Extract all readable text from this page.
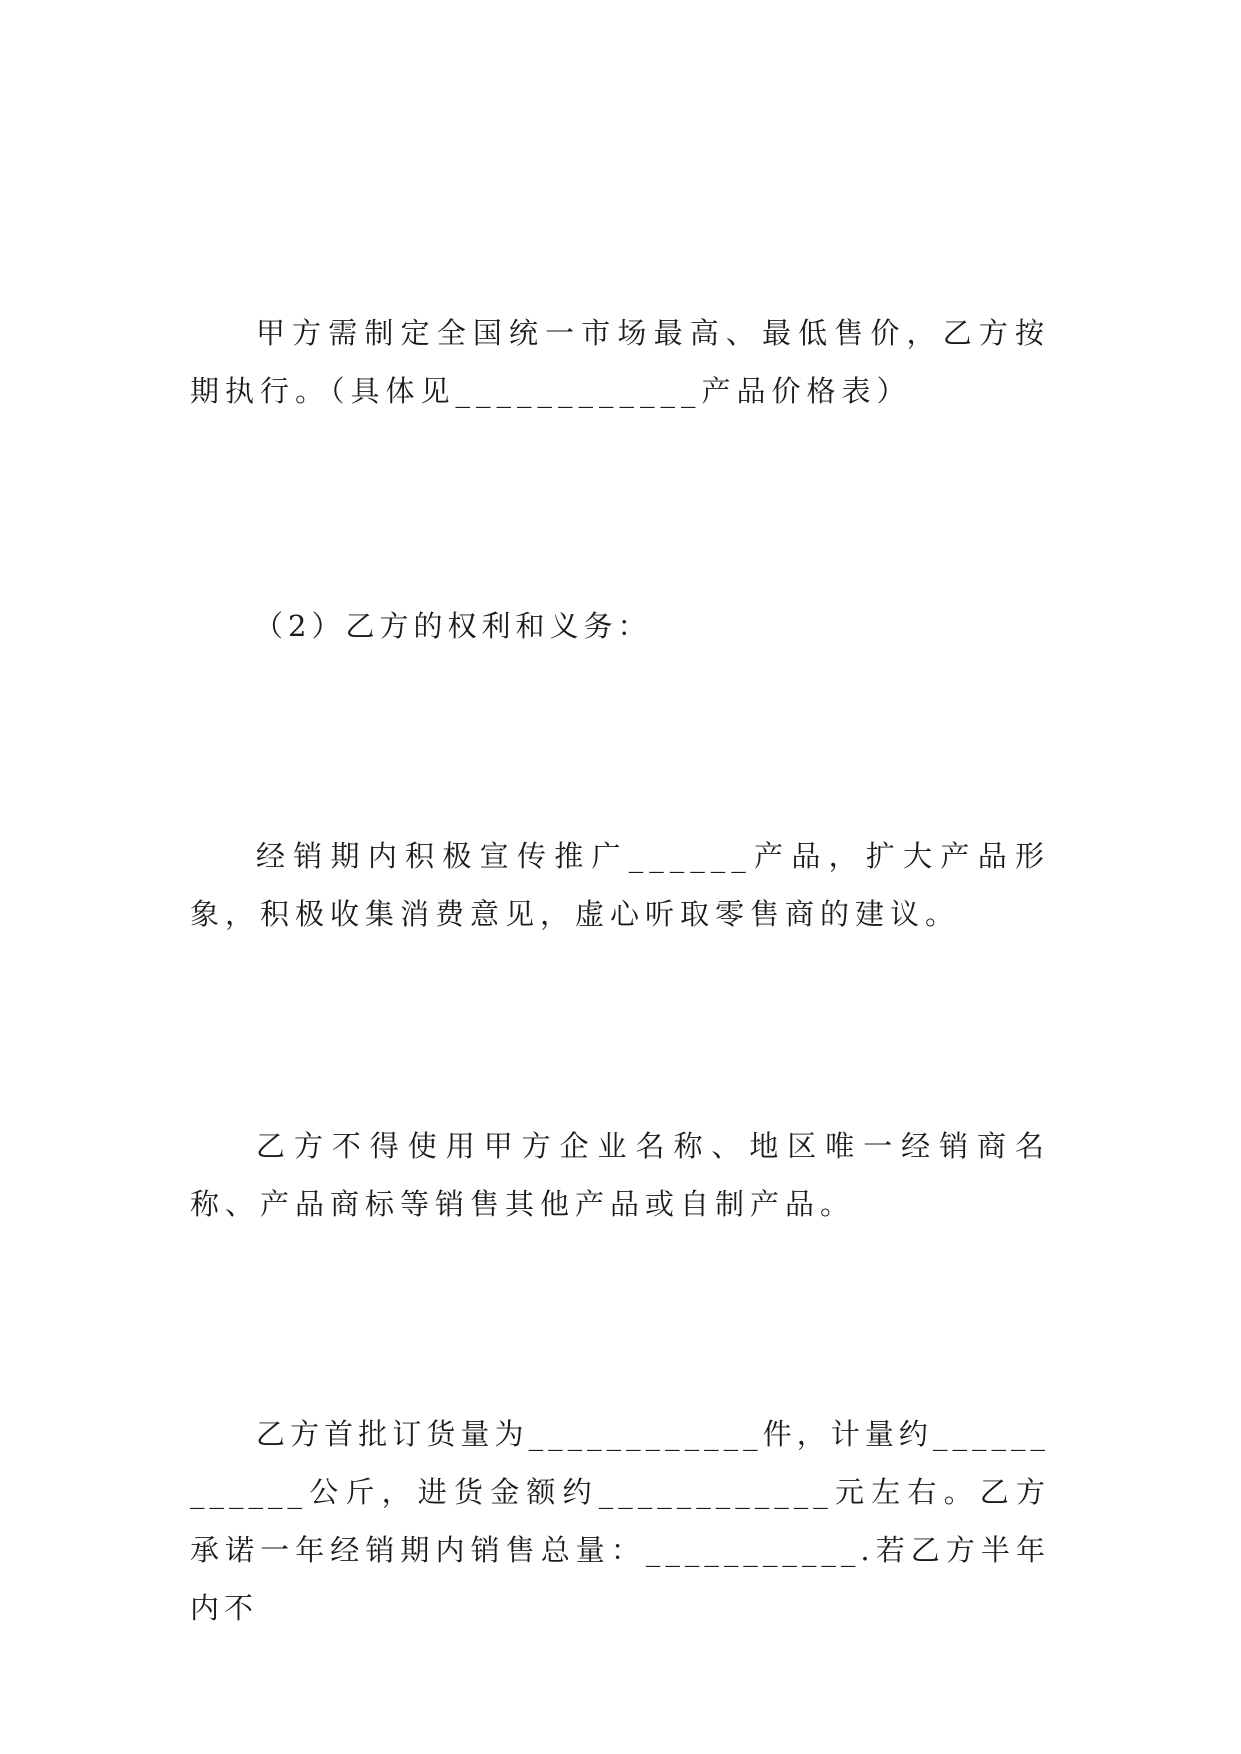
甲方需制定全国统一市场最高、最低售价，乙方按期执行。（具体见____________产品价格表）

（2）乙方的权利和义务：

经销期内积极宣传推广______产品，扩大产品形象，积极收集消费意见，虚心听取零售商的建议。

乙方不得使用甲方企业名称、地区唯一经销商名称、产品商标等销售其他产品或自制产品。

乙方首批订货量为____________件，计量约____________公斤，进货金额约____________元左右。乙方承诺一年经销期内销售总量：___________.若乙方半年内不
